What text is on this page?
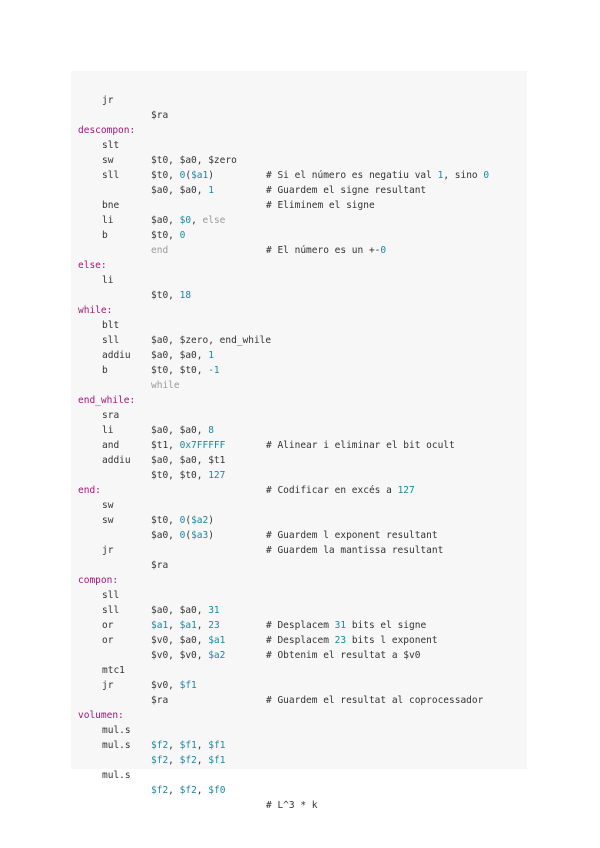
jr

$ra

descompon:

slt

$t0, $a0, $zero

# Si el número es negatiu val 1, sino 0

sw

$t0, 0($a1)

# Guardem el signe resultant

sll

$a0, $a0, 1

# Eliminem el signe

bne

$a0, $0, else

li

$t0, 0

# El número es un +-0

b

end

else:

li

$t0, 18

while:

blt

$a0, $zero, end_while

sll

$a0, $a0, 1

addiu

$t0, $t0, -1

b

while

end_while:

sra

$a0, $a0, 8

# Alinear i eliminar el bit ocult

li

$t1, 0x7FFFFF

and

$a0, $a0, $t1

addiu

$t0, $t0, 127

# Codificar en excés a 127

end:

sw

$t0, 0($a2)

# Guardem l exponent resultant

sw

$a0, 0($a3)

# Guardem la mantissa resultant

jr

$ra

compon:

sll

$a0, $a0, 31

# Desplacem 31 bits el signe

sll

$a1, $a1, 23

# Desplacem 23 bits l exponent

or

$v0, $a0, $a1

# Obtenim el resultat a $v0

or

$v0, $v0, $a2

mtc1

$v0, $f1

# Guardem el resultat al coprocessador

jr

$ra

volumen:

mul.s

$f2, $f1, $f1

mul.s

$f2, $f2, $f1

mul.s

$f2, $f2, $f0

# L^3 * k
